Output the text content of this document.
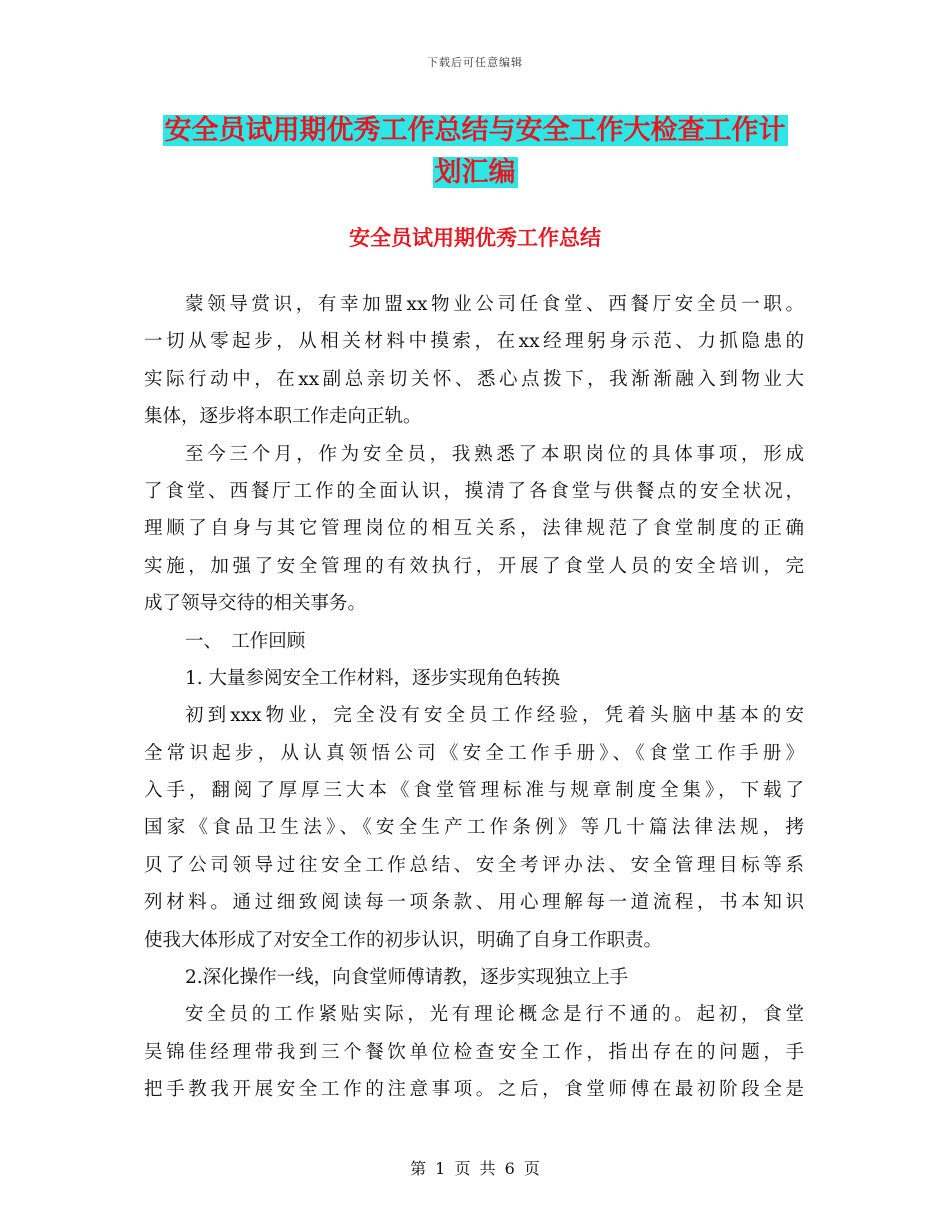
下载后可任意编辑
安全员试用期优秀工作总结与安全工作大检查工作计
划汇编
安全员试用期优秀工作总结
蒙领导赏识，有幸加盟xx物业公司任食堂、西餐厅安全员一职。
一切从零起步，从相关材料中摸索，在xx经理躬身示范、力抓隐患的
实际行动中，在xx副总亲切关怀、悉心点拨下，我渐渐融入到物业大
集体，逐步将本职工作走向正轨。
至今三个月，作为安全员，我熟悉了本职岗位的具体事项，形成
了食堂、西餐厅工作的全面认识，摸清了各食堂与供餐点的安全状况，
理顺了自身与其它管理岗位的相互关系，法律规范了食堂制度的正确
实施，加强了安全管理的有效执行，开展了食堂人员的安全培训，完
成了领导交待的相关事务。
一、　工作回顾
1. 大量参阅安全工作材料，逐步实现角色转换
初到xxx物业，完全没有安全员工作经验，凭着头脑中基本的安
全常识起步，从认真领悟公司《安全工作手册》、《食堂工作手册》
入手，翻阅了厚厚三大本《食堂管理标准与规章制度全集》，下载了
国家《食品卫生法》、《安全生产工作条例》等几十篇法律法规，拷
贝了公司领导过往安全工作总结、安全考评办法、安全管理目标等系
列材料。通过细致阅读每一项条款、用心理解每一道流程，书本知识
使我大体形成了对安全工作的初步认识，明确了自身工作职责。
2.深化操作一线，向食堂师傅请教，逐步实现独立上手
安全员的工作紧贴实际，光有理论概念是行不通的。起初，食堂
吴锦佳经理带我到三个餐饮单位检查安全工作，指出存在的问题，手
把手教我开展安全工作的注意事项。之后，食堂师傅在最初阶段全是
第 1 页 共 6 页
